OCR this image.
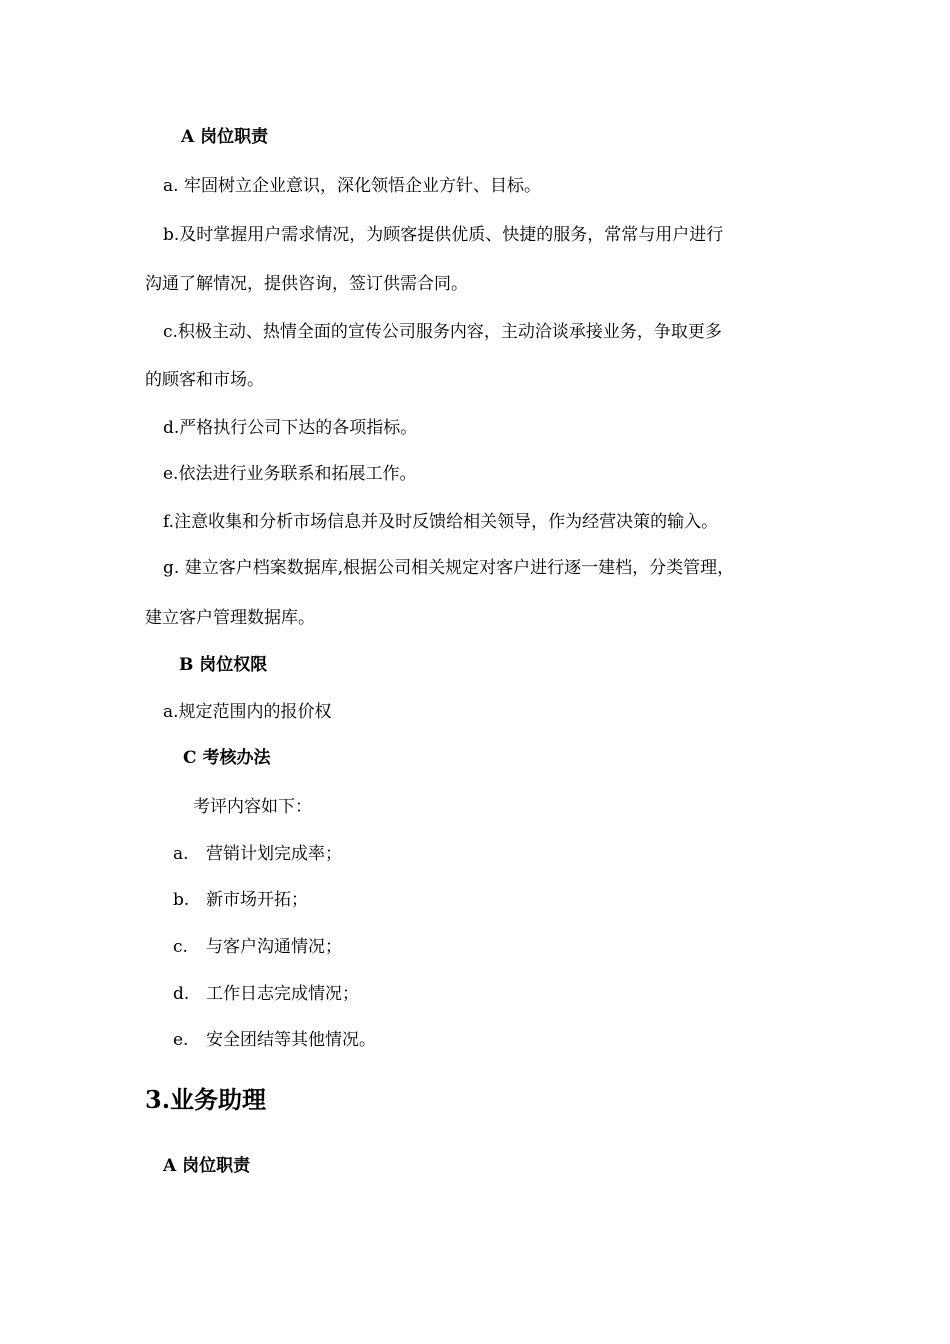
A 岗位职责
a. 牢固树立企业意识，深化领悟企业方针、目标。
b.及时掌握用户需求情况，为顾客提供优质、快捷的服务，常常与用户进行
沟通了解情况，提供咨询，签订供需合同。
c.积极主动、热情全面的宣传公司服务内容，主动洽谈承接业务，争取更多
的顾客和市场。
d.严格执行公司下达的各项指标。
e.依法进行业务联系和拓展工作。
f.注意收集和分析市场信息并及时反馈给相关领导，作为经营决策的输入。
g. 建立客户档案数据库,根据公司相关规定对客户进行逐一建档，分类管理，
建立客户管理数据库。
B 岗位权限
a.规定范围内的报价权
C 考核办法
考评内容如下：
a. 营销计划完成率；
b. 新市场开拓；
c. 与客户沟通情况；
d. 工作日志完成情况；
e. 安全团结等其他情况。
3.业务助理
A 岗位职责
